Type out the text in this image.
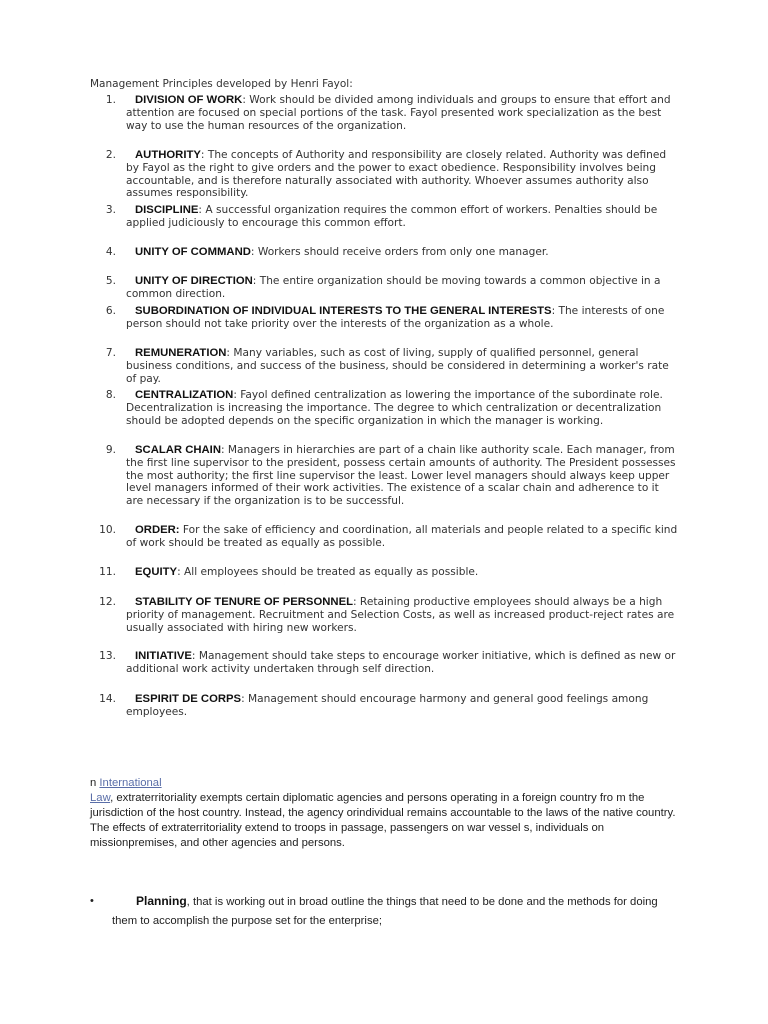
Management Principles developed by Henri Fayol:
1.	DIVISION OF WORK: Work should be divided among individuals and groups to ensure that effort and attention are focused on special portions of the task. Fayol presented work specialization as the best way to use the human resources of the organization.
2.	AUTHORITY: The concepts of Authority and responsibility are closely related. Authority was defined by Fayol as the right to give orders and the power to exact obedience. Responsibility involves being accountable, and is therefore naturally associated with authority. Whoever assumes authority also assumes responsibility.
3.	DISCIPLINE: A successful organization requires the common effort of workers. Penalties should be applied judiciously to encourage this common effort.
4.	UNITY OF COMMAND: Workers should receive orders from only one manager.
5.	UNITY OF DIRECTION: The entire organization should be moving towards a common objective in a common direction.
6.	SUBORDINATION OF INDIVIDUAL INTERESTS TO THE GENERAL INTERESTS: The interests of one person should not take priority over the interests of the organization as a whole.
7.	REMUNERATION: Many variables, such as cost of living, supply of qualified personnel, general business conditions, and success of the business, should be considered in determining a worker's rate of pay.
8.	CENTRALIZATION: Fayol defined centralization as lowering the importance of the subordinate role. Decentralization is increasing the importance. The degree to which centralization or decentralization should be adopted depends on the specific organization in which the manager is working.
9.	SCALAR CHAIN: Managers in hierarchies are part of a chain like authority scale. Each manager, from the first line supervisor to the president, possess certain amounts of authority. The President possesses the most authority; the first line supervisor the least. Lower level managers should always keep upper level managers informed of their work activities. The existence of a scalar chain and adherence to it are necessary if the organization is to be successful.
10.	ORDER: For the sake of efficiency and coordination, all materials and people related to a specific kind of work should be treated as equally as possible.
11.	EQUITY: All employees should be treated as equally as possible.
12.	STABILITY OF TENURE OF PERSONNEL: Retaining productive employees should always be a high priority of management. Recruitment and Selection Costs, as well as increased product-reject rates are usually associated with hiring new workers.
13.	INITIATIVE: Management should take steps to encourage worker initiative, which is defined as new or additional work activity undertaken through self direction.
14.	ESPIRIT DE CORPS: Management should encourage harmony and general good feelings among employees.
n International
Law, extraterritoriality exempts certain diplomatic agencies and persons operating in a foreign country fro m the jurisdiction of the host country. Instead, the agency orindividual remains accountable to the laws of the native country. The effects of extraterritoriality extend to troops in passage, passengers on war vessel s, individuals on missionpremises, and other agencies and persons.
•	Planning, that is working out in broad outline the things that need to be done and the methods for doing them to accomplish the purpose set for the enterprise;
